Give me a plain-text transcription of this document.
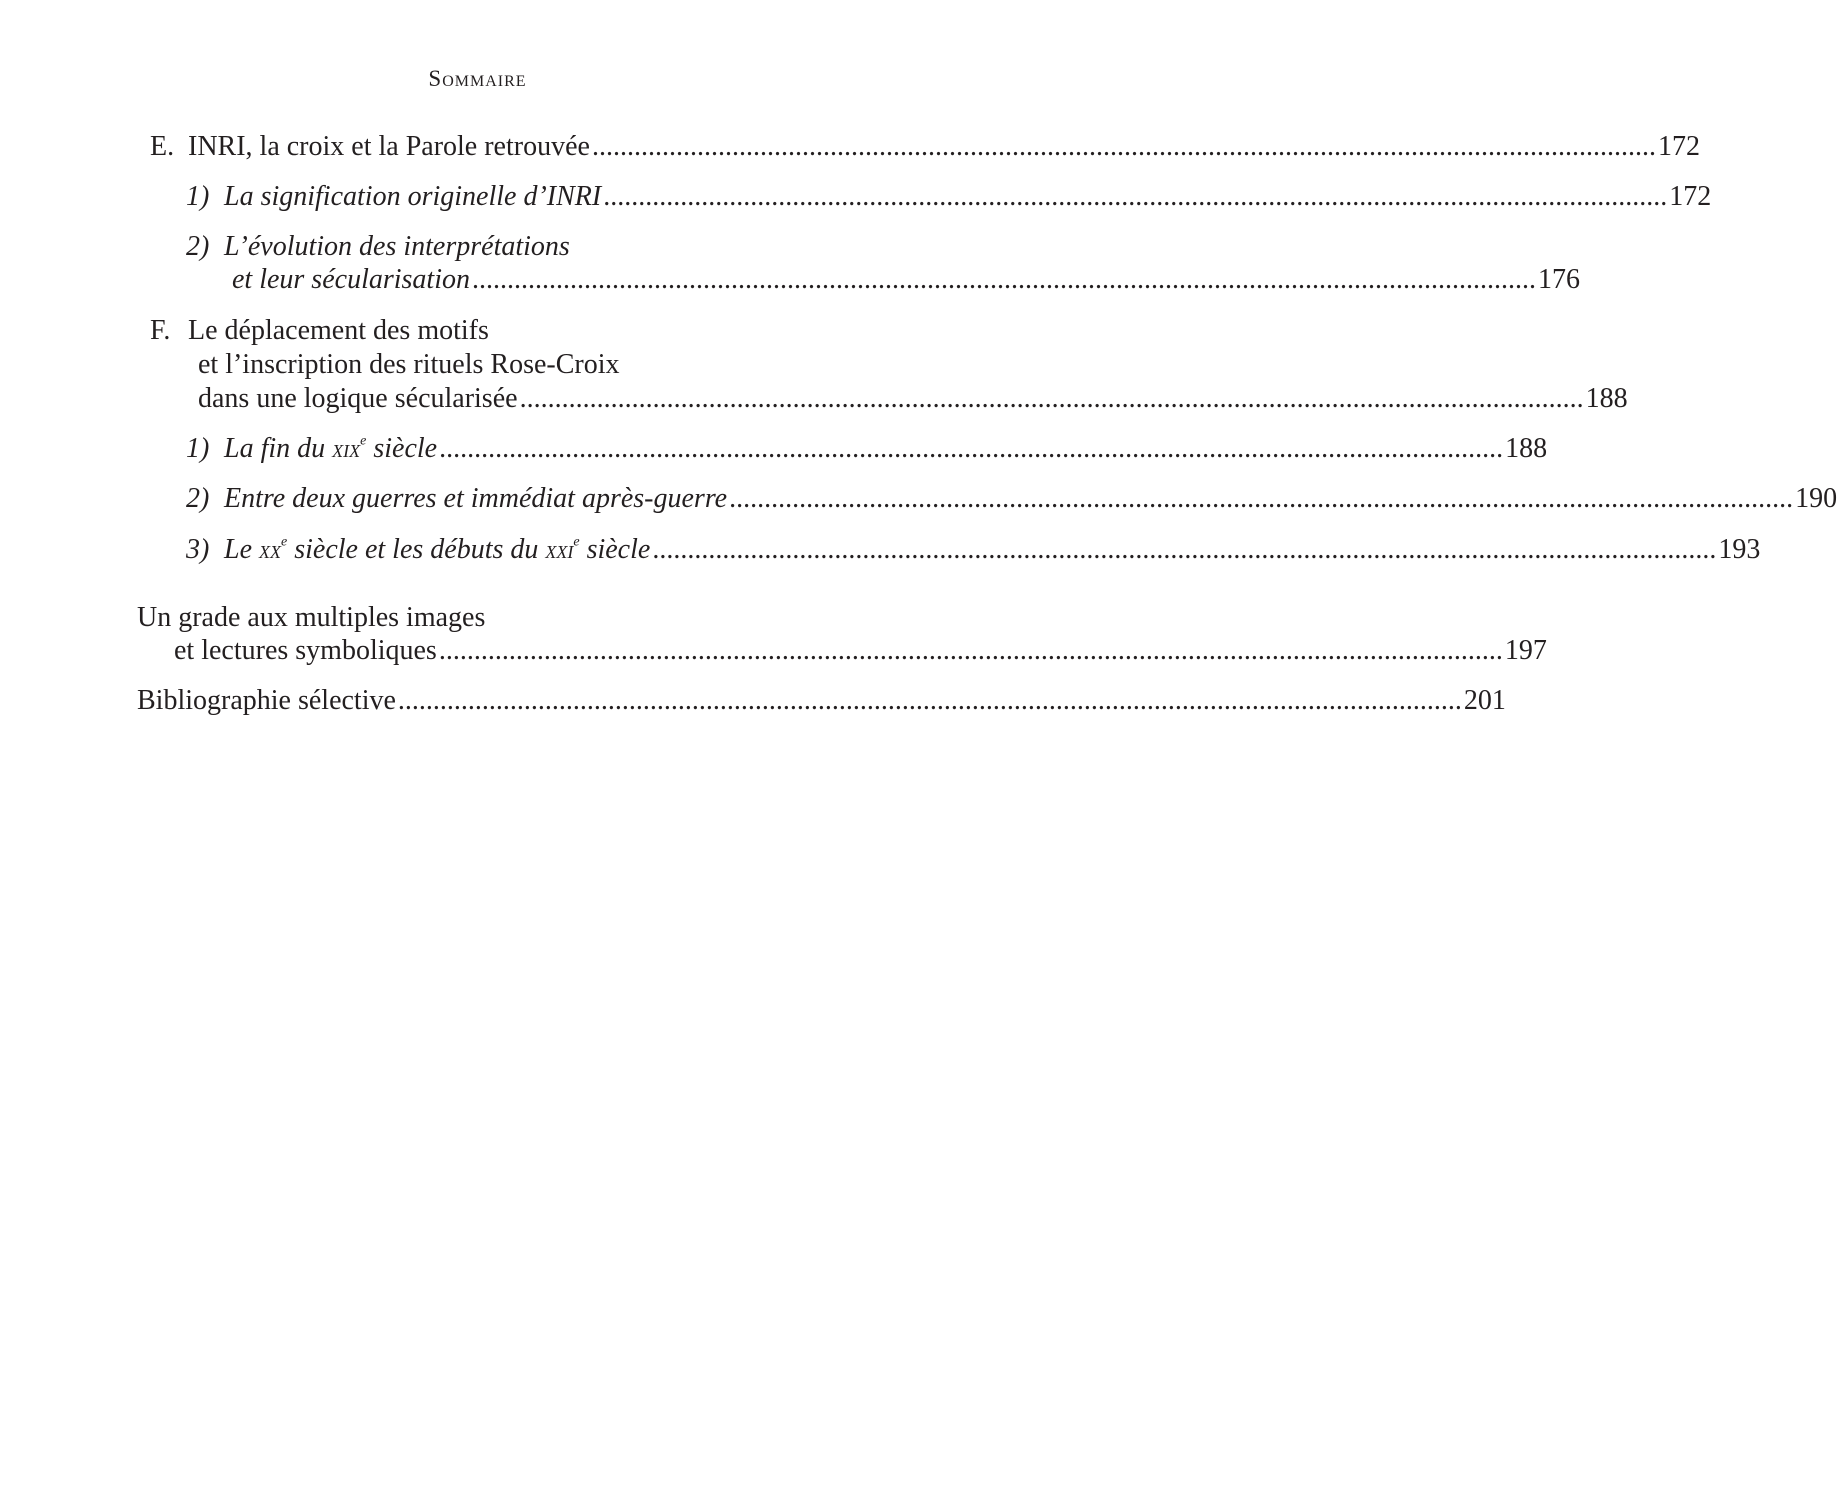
Sommaire
E. INRI, la croix et la Parole retrouvée ........................................................................................................................................................ 172
1) La signification originelle d’INRI ........................................................................................................................................................ 172
2) L’évolution des interprétations
et leur sécularisation ........................................................................................................................................................ 176
F. Le déplacement des motifs
et l’inscription des rituels Rose-Croix
dans une logique sécularisée ........................................................................................................................................................ 188
1) La fin du xix$^e$ siècle ........................................................................................................................................................ 188
2) Entre deux guerres et immédiat après-guerre ........................................................................................................................................................ 190
3) Le $xx^e$ siècle et les débuts du xxi$^e$ siècle ........................................................................................................................................................ 193
Un grade aux multiples images
et lectures symboliques ........................................................................................................................................................ 197
Bibliographie sélective ........................................................................................................................................................ 201
